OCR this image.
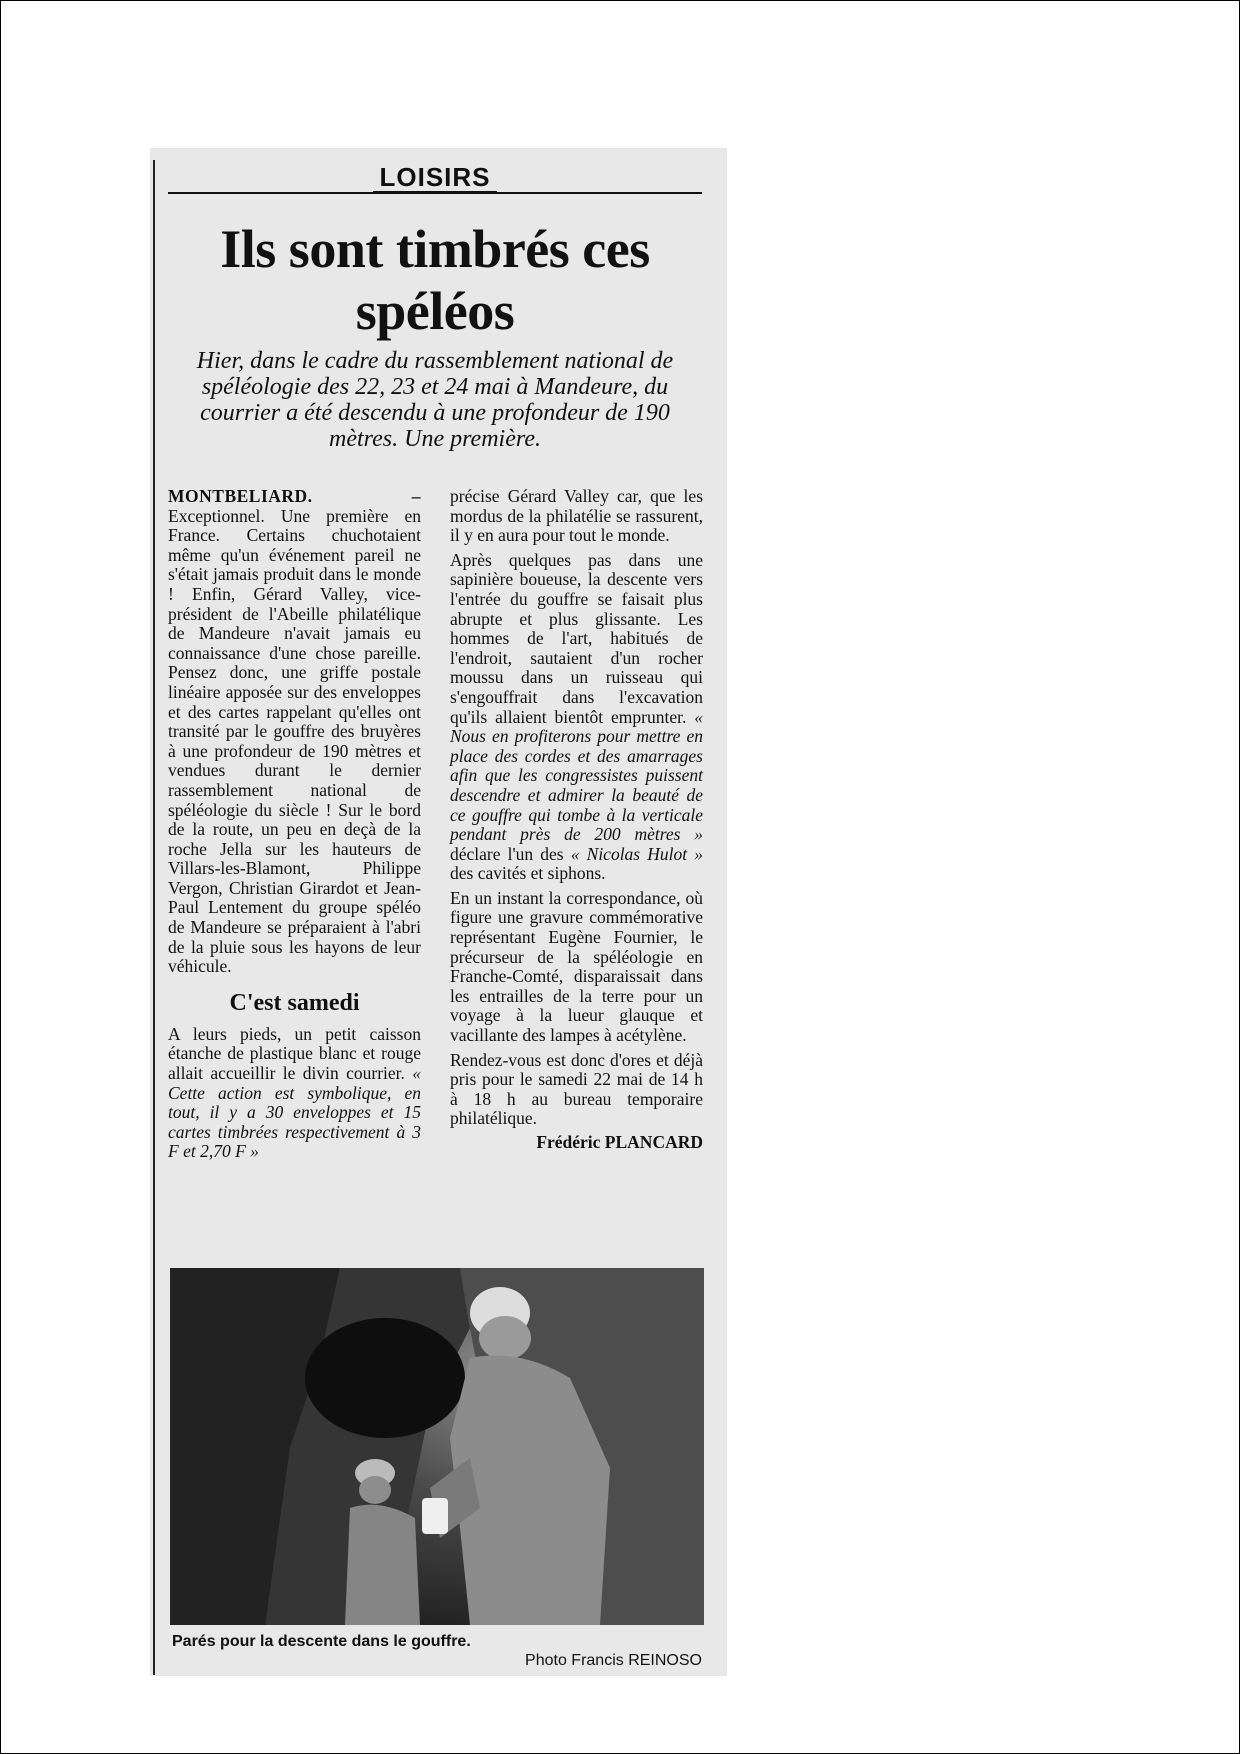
LOISIRS
Ils sont timbrés ces spéléos
Hier, dans le cadre du rassemblement national de spéléologie des 22, 23 et 24 mai à Mandeure, du courrier a été descendu à une profondeur de 190 mètres. Une première.

MONTBELIARD. – Exceptionnel. Une première en France. Certains chuchotaient même qu'un événement pareil ne s'était jamais produit dans le monde ! Enfin, Gérard Valley, vice-président de l'Abeille philatélique de Mandeure n'avait jamais eu connaissance d'une chose pareille. Pensez donc, une griffe postale linéaire apposée sur des enveloppes et des cartes rappelant qu'elles ont transité par le gouffre des bruyères à une profondeur de 190 mètres et vendues durant le dernier rassemblement national de spéléologie du siècle ! Sur le bord de la route, un peu en deçà de la roche Jella sur les hauteurs de Villars-les-Blamont, Philippe Vergon, Christian Girardot et Jean-Paul Lentement du groupe spéléo de Mandeure se préparaient à l'abri de la pluie sous les hayons de leur véhicule.

C'est samedi

A leurs pieds, un petit caisson étanche de plastique blanc et rouge allait accueillir le divin courrier. « Cette action est symbolique, en tout, il y a 30 enveloppes et 15 cartes timbrées respectivement à 3 F et 2,70 F »

précise Gérard Valley car, que les mordus de la philatélie se rassurent, il y en aura pour tout le monde.

Après quelques pas dans une sapinière boueuse, la descente vers l'entrée du gouffre se faisait plus abrupte et plus glissante. Les hommes de l'art, habitués de l'endroit, sautaient d'un rocher moussu dans un ruisseau qui s'engouffrait dans l'excavation qu'ils allaient bientôt emprunter. « Nous en profiterons pour mettre en place des cordes et des amarrages afin que les congressistes puissent descendre et admirer la beauté de ce gouffre qui tombe à la verticale pendant près de 200 mètres » déclare l'un des « Nicolas Hulot » des cavités et siphons.

En un instant la correspondance, où figure une gravure commémorative représentant Eugène Fournier, le précurseur de la spéléologie en Franche-Comté, disparaissait dans les entrailles de la terre pour un voyage à la lueur glauque et vacillante des lampes à acétylène.

Rendez-vous est donc d'ores et déjà pris pour le samedi 22 mai de 14 h à 18 h au bureau temporaire philatélique.

Frédéric PLANCARD
Parés pour la descente dans le gouffre.
Photo Francis REINOSO
